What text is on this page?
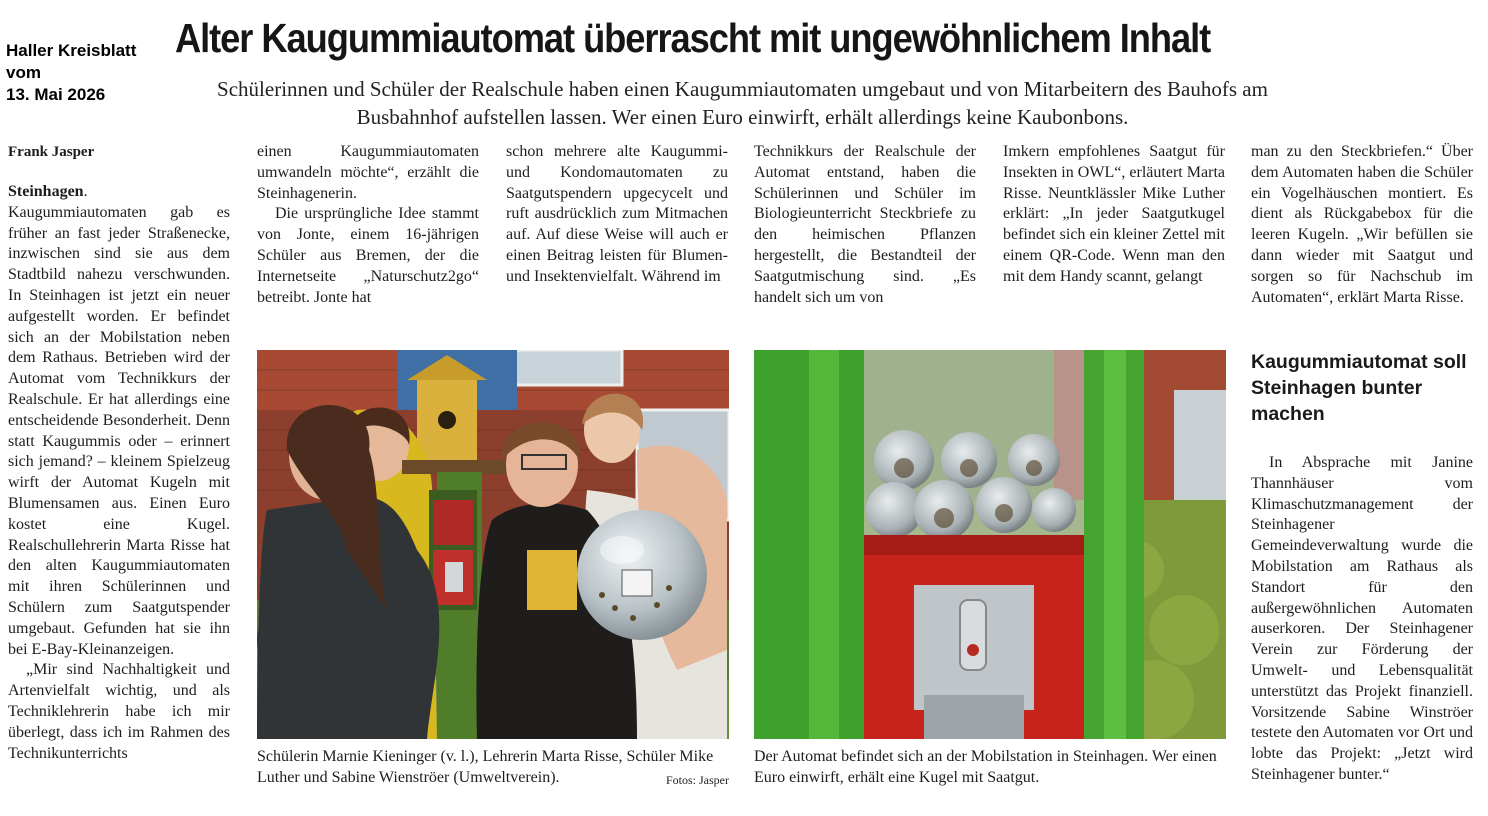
Haller Kreisblatt
vom
13. Mai 2026
Alter Kaugummiautomat überrascht mit ungewöhnlichem Inhalt
Schülerinnen und Schüler der Realschule haben einen Kaugummiautomaten umgebaut und von Mitarbeitern des Bauhofs am Busbahnhof aufstellen lassen. Wer einen Euro einwirft, erhält allerdings keine Kaubonbons.
Frank Jasper

Steinhagen. Kaugummiautomaten gab es früher an fast jeder Straßenecke, inzwischen sind sie aus dem Stadtbild nahezu verschwunden. In Steinhagen ist jetzt ein neuer aufgestellt worden. Er befindet sich an der Mobilstation neben dem Rathaus. Betrieben wird der Automat vom Technikkurs der Realschule. Er hat allerdings eine entscheidende Besonderheit. Denn statt Kaugummis oder – erinnert sich jemand? – kleinem Spielzeug wirft der Automat Kugeln mit Blumensamen aus. Einen Euro kostet eine Kugel. Realschullehrerin Marta Risse hat den alten Kaugummiautomaten mit ihren Schülerinnen und Schülern zum Saatgutspender umgebaut. Gefunden hat sie ihn bei E-Bay-Kleinanzeigen.

„Mir sind Nachhaltigkeit und Artenvielfalt wichtig, und als Techniklehrerin habe ich mir überlegt, dass ich im Rahmen des Technikunterrichts

einen Kaugummiautomaten umwandeln möchte“, erzählt die Steinhagenerin.

Die ursprüngliche Idee stammt von Jonte, einem 16-jährigen Schüler aus Bremen, der die Internetseite „Naturschutz2go“ betreibt. Jonte hat

schon mehrere alte Kaugummi- und Kondomautomaten zu Saatgutspendern upgecycelt und ruft ausdrücklich zum Mitmachen auf. Auf diese Weise will auch er einen Beitrag leisten für Blumen- und Insektenvielfalt. Während im

Technikkurs der Realschule der Automat entstand, haben die Schülerinnen und Schüler im Biologieunterricht Steckbriefe zu den heimischen Pflanzen hergestellt, die Bestandteil der Saatgutmischung sind. „Es handelt sich um von

Imkern empfohlenes Saatgut für Insekten in OWL“, erläutert Marta Risse. Neuntklässler Mike Luther erklärt: „In jeder Saatgutkugel befindet sich ein kleiner Zettel mit einem QR-Code. Wenn man den mit dem Handy scannt, gelangt

man zu den Steckbriefen.“ Über dem Automaten haben die Schüler ein Vogelhäuschen montiert. Es dient als Rückgabebox für die leeren Kugeln. „Wir befüllen sie dann wieder mit Saatgut und sorgen so für Nachschub im Automaten“, erklärt Marta Risse.

Kaugummiautomat soll Steinhagen bunter machen

In Absprache mit Janine Thannhäuser vom Klimaschutzmanagement der Steinhagener Gemeindeverwaltung wurde die Mobilstation am Rathaus als Standort für den außergewöhnlichen Automaten auserkoren. Der Steinhagener Verein zur Förderung der Umwelt- und Lebensqualität unterstützt das Projekt finanziell. Vorsitzende Sabine Winströer testete den Automaten vor Ort und lobte das Projekt: „Jetzt wird Steinhagener bunter.“

Schülerin Marnie Kieninger (v. l.), Lehrerin Marta Risse, Schüler Mike Luther und Sabine Wienströer (Umweltverein).	Fotos: Jasper
Der Automat befindet sich an der Mobilstation in Steinhagen. Wer einen Euro einwirft, erhält eine Kugel mit Saatgut.
